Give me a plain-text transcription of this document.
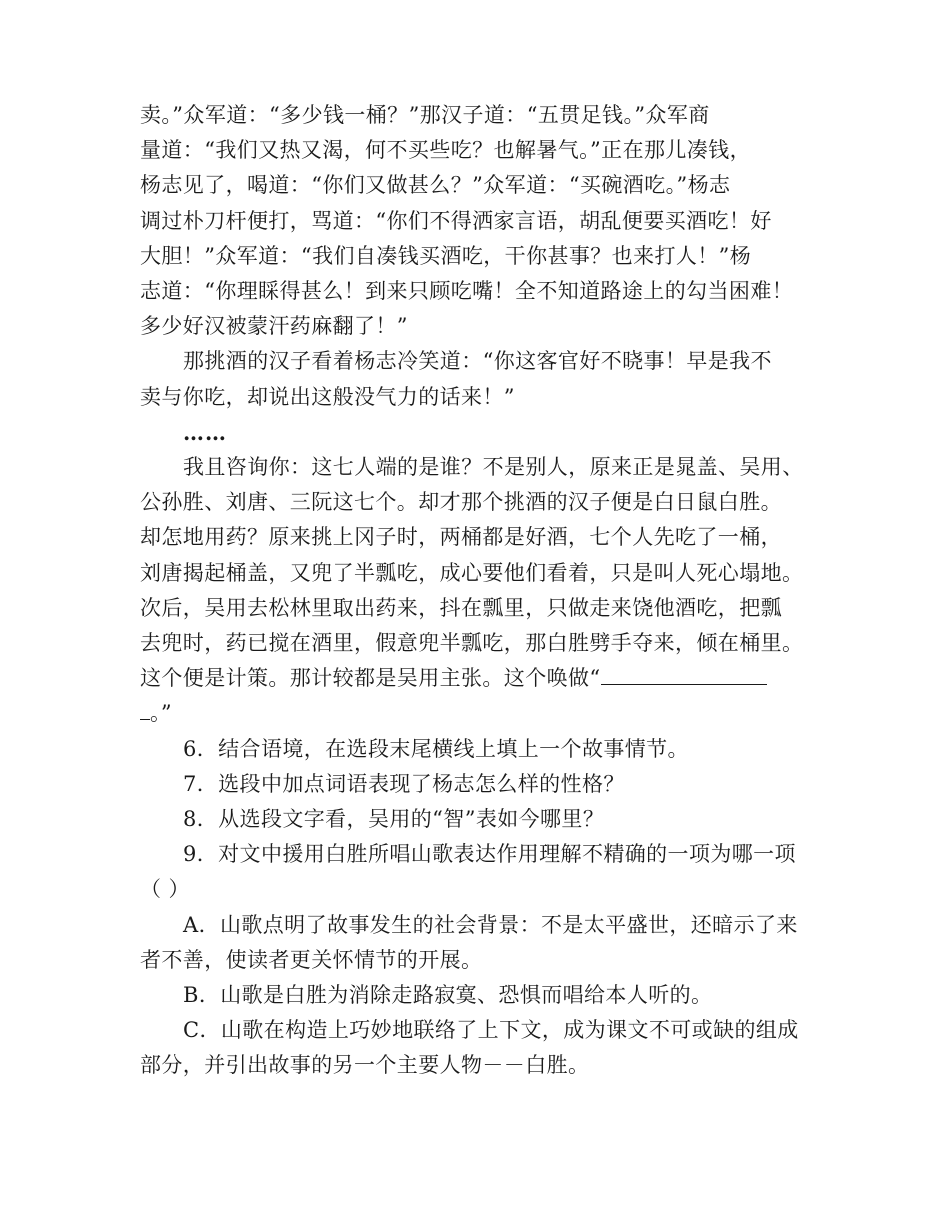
卖。”众军道：“多少钱一桶？”那汉子道：“五贯足钱。”众军商
量道：“我们又热又渴，何不买些吃？也解暑气。”正在那儿凑钱，
杨志见了，喝道：“你们又做甚么？”众军道：“买碗酒吃。”杨志
调过朴刀杆便打，骂道：“你们不得洒家言语，胡乱便要买酒吃！好
大胆！”众军道：“我们自凑钱买酒吃，干你甚事？也来打人！”杨
志道：“你理睬得甚么！到来只顾吃嘴！全不知道路途上的勾当困难！
多少好汉被蒙汗药麻翻了！”
那挑酒的汉子看着杨志冷笑道：“你这客官好不晓事！早是我不
卖与你吃，却说出这般没气力的话来！”
……
我且咨询你：这七人端的是谁？不是别人，原来正是晁盖、吴用、
公孙胜、刘唐、三阮这七个。却才那个挑酒的汉子便是白日鼠白胜。
却怎地用药？原来挑上冈子时，两桶都是好酒，七个人先吃了一桶，
刘唐揭起桶盖，又兜了半瓢吃，成心要他们看着，只是叫人死心塌地。
次后，吴用去松林里取出药来，抖在瓢里，只做走来饶他酒吃，把瓢
去兜时，药已搅在酒里，假意兜半瓢吃，那白胜劈手夺来，倾在桶里。
这个便是计策。那计较都是吴用主张。这个唤做“
。”
6．结合语境，在选段末尾横线上填上一个故事情节。
7．选段中加点词语表现了杨志怎么样的性格？
8．从选段文字看，吴用的“智”表如今哪里？
9．对文中援用白胜所唱山歌表达作用理解不精确的一项为哪一项
（ ）
A．山歌点明了故事发生的社会背景：不是太平盛世，还暗示了来
者不善，使读者更关怀情节的开展。
B．山歌是白胜为消除走路寂寞、恐惧而唱给本人听的。
C．山歌在构造上巧妙地联络了上下文，成为课文不可或缺的组成
部分，并引出故事的另一个主要人物－－白胜。
